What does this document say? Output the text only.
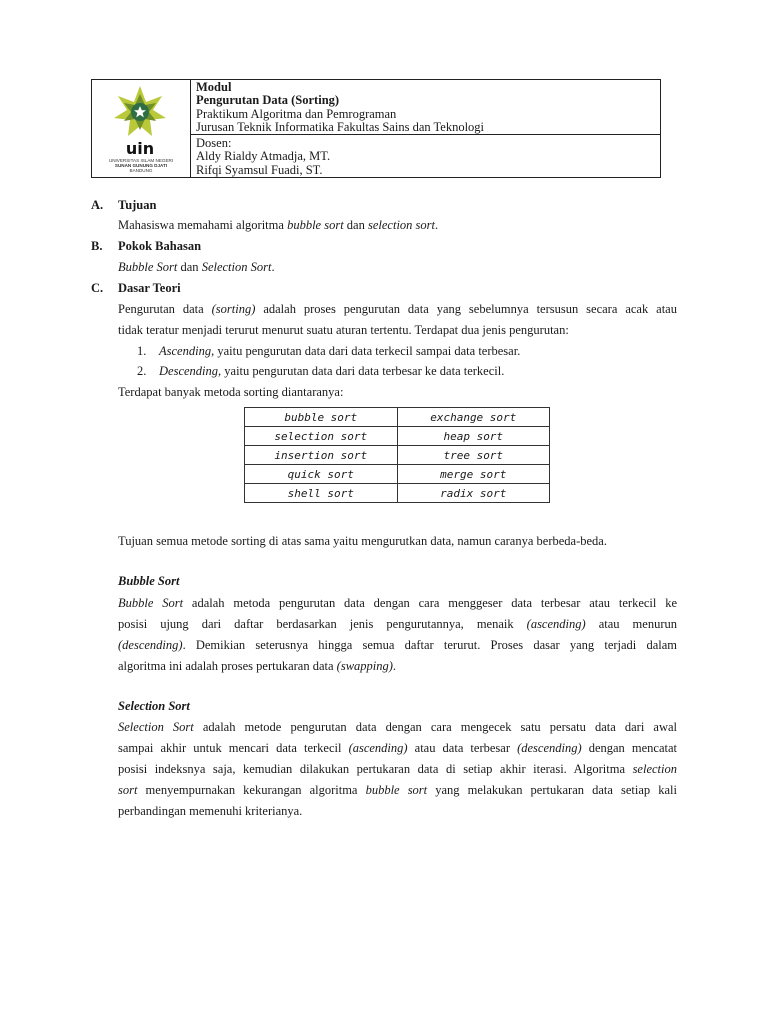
uin
UNIVERSITAS ISLAM NEGERI
SUNAN GUNUNG DJATI
BANDUNG
Modul
Pengurutan Data (Sorting)
Praktikum Algoritma dan Pemrograman
Jurusan Teknik Informatika Fakultas Sains dan Teknologi
Dosen:
Aldy Rialdy Atmadja, MT.
Rifqi Syamsul Fuadi, ST.
A. Tujuan
Mahasiswa memahami algoritma bubble sort dan selection sort.
B. Pokok Bahasan
Bubble Sort dan Selection Sort.
C. Dasar Teori
Pengurutan data (sorting) adalah proses pengurutan data yang sebelumnya tersusun secara acak atau
tidak teratur menjadi terurut menurut suatu aturan tertentu. Terdapat dua jenis pengurutan:
1. Ascending, yaitu pengurutan data dari data terkecil sampai data terbesar.
2. Descending, yaitu pengurutan data dari data terbesar ke data terkecil.
Terdapat banyak metoda sorting diantaranya:
bubble sort	exchange sort
selection sort	heap sort
insertion sort	tree sort
quick sort	merge sort
shell sort	radix sort
Tujuan semua metode sorting di atas sama yaitu mengurutkan data, namun caranya berbeda-beda.
Bubble Sort
Bubble Sort adalah metoda pengurutan data dengan cara menggeser data terbesar atau terkecil ke
posisi ujung dari daftar berdasarkan jenis pengurutannya, menaik (ascending) atau menurun
(descending). Demikian seterusnya hingga semua daftar terurut. Proses dasar yang terjadi dalam
algoritma ini adalah proses pertukaran data (swapping).
Selection Sort
Selection Sort adalah metode pengurutan data dengan cara mengecek satu persatu data dari awal
sampai akhir untuk mencari data terkecil (ascending) atau data terbesar (descending) dengan mencatat
posisi indeksnya saja, kemudian dilakukan pertukaran data di setiap akhir iterasi. Algoritma selection
sort menyempurnakan kekurangan algoritma bubble sort yang melakukan pertukaran data setiap kali
perbandingan memenuhi kriterianya.
